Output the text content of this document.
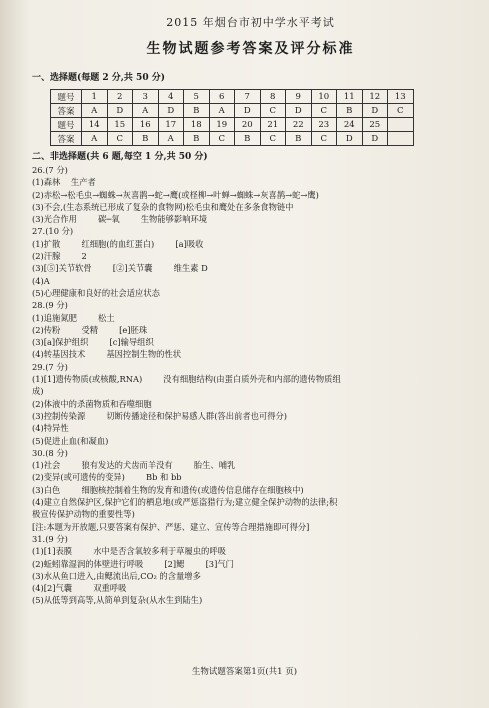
2015 年烟台市初中学水平考试
生物试题参考答案及评分标准
一、选择题(每题 2 分,共 50 分)
题号	1	2	3	4	5	6	7	8	9	10	11	12	13
答案	A	D	A	D	B	A	D	C	D	C	B	D	C
题号	14	15	16	17	18	19	20	21	22	23	24	25	
答案	A	C	B	A	B	C	B	C	B	C	D	D	
二、非选择题(共 6 题,每空 1 分,共 50 分)
26.(7 分)
(1)森林    生产者
(2)赤松→松毛虫→蜘蛛→灰喜鹊→蛇→鹰(或柽柳→叶蝉→蜘蛛→灰喜鹊→蛇→鹰)
(3)不会,(生态系统已形成了复杂的食物网)松毛虫和鹰处在多条食物链中
(3)光合作用        碳─氧        生物能够影响环境
27.(10 分)
(1)扩散        红细胞(的血红蛋白)        [a]吸收
(2)汗腺        2
(3)[⑤]关节软骨        [②]关节囊        维生素 D
(4)A
(5)心理健康和良好的社会适应状态
28.(9 分)
(1)追施氮肥        松土
(2)传粉        受精        [e]胚珠
(3)[a]保护组织        [c]输导组织
(4)转基因技术        基因控制生物的性状
29.(7 分)
(1)[1]遗传物质(或核酸,RNA)        没有细胞结构(由蛋白质外壳和内部的遗传物质组
成)
(2)体液中的杀菌物质和吞噬细胞
(3)控制传染源        切断传播途径和保护易感人群(答出前者也可得分)
(4)特异性
(5)促进止血(和凝血)
30.(8 分)
(1)社会        狼有发达的犬齿而羊没有        胎生、哺乳
(2)变异(或可遗传的变异)        Bb 和 bb
(3)白色        细胞核控制着生物的发育和遗传(或遗传信息储存在细胞核中)
(4)建立自然保护区,保护它们的栖息地(或严惩盗猎行为;建立健全保护动物的法律;积
极宣传保护动物的重要性等)
[注:本题为开放题,只要答案有保护、严惩、建立、宣传等合理措施即可得分]
31.(9 分)
(1)[1]表膜        水中是否含氧较多利于草履虫的呼吸
(2)蚯蚓靠湿润的体壁进行呼吸        [2]鳃        [3]气门
(3)水从鱼口进入,由鳃流出后,CO₂ 的含量增多
(4)[2]气囊        双重呼吸
(5)从低等到高等,从简单到复杂(从水生到陆生)
生物试题答案第1页(共1 页)
